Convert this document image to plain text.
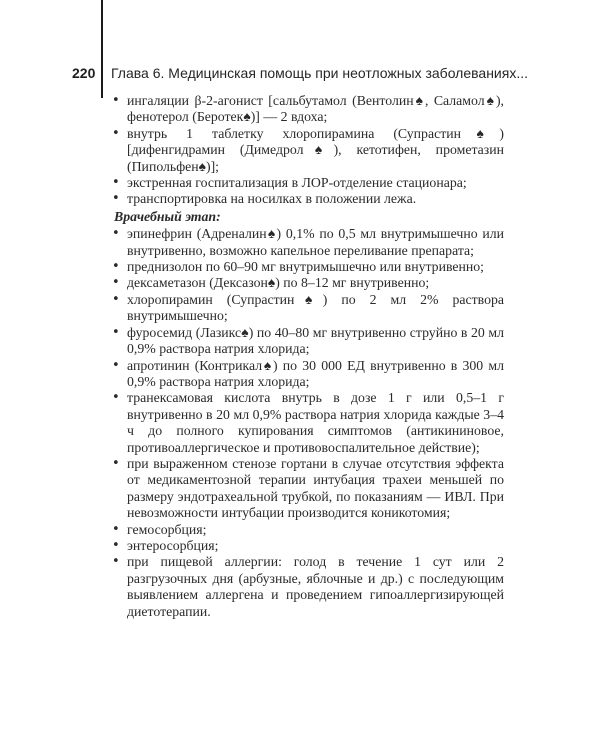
220 Глава 6. Медицинская помощь при неотложных заболеваниях...
• ингаляции β-2-агонист [сальбутамол (Вентолин♠, Саламол♠), фенотерол (Беротек♠)] — 2 вдоха;
• внутрь 1 таблетку хлоропирамина (Супрастин♠) [дифенгидрамин (Димедрол♠), кетотифен, прометазин (Пипольфен♠)];
• экстренная госпитализация в ЛОР-отделение стационара;
• транспортировка на носилках в положении лежа.
Врачебный этап:
• эпинефрин (Адреналин♠) 0,1% по 0,5 мл внутримышечно или внутривенно, возможно капельное переливание препарата;
• преднизолон по 60–90 мг внутримышечно или внутривенно;
• дексаметазон (Дексазон♠) по 8–12 мг внутривенно;
• хлоропирамин (Супрастин♠) по 2 мл 2% раствора внутримышечно;
• фуросемид (Лазикс♠) по 40–80 мг внутривенно струйно в 20 мл 0,9% раствора натрия хлорида;
• апротинин (Контрикал♠) по 30 000 ЕД внутривенно в 300 мл 0,9% раствора натрия хлорида;
• транексамовая кислота внутрь в дозе 1 г или 0,5–1 г внутривенно в 20 мл 0,9% раствора натрия хлорида каждые 3–4 ч до полного купирования симптомов (антикининовое, противоаллергическое и противовоспалительное действие);
• при выраженном стенозе гортани в случае отсутствия эффекта от медикаментозной терапии интубация трахеи меньшей по размеру эндотрахеальной трубкой, по показаниям — ИВЛ. При невозможности интубации производится коникотомия;
• гемосорбция;
• энтеросорбция;
• при пищевой аллергии: голод в течение 1 сут или 2 разгрузочных дня (арбузные, яблочные и др.) с последующим выявлением аллергена и проведением гипоаллергизирующей диетотерапии.
